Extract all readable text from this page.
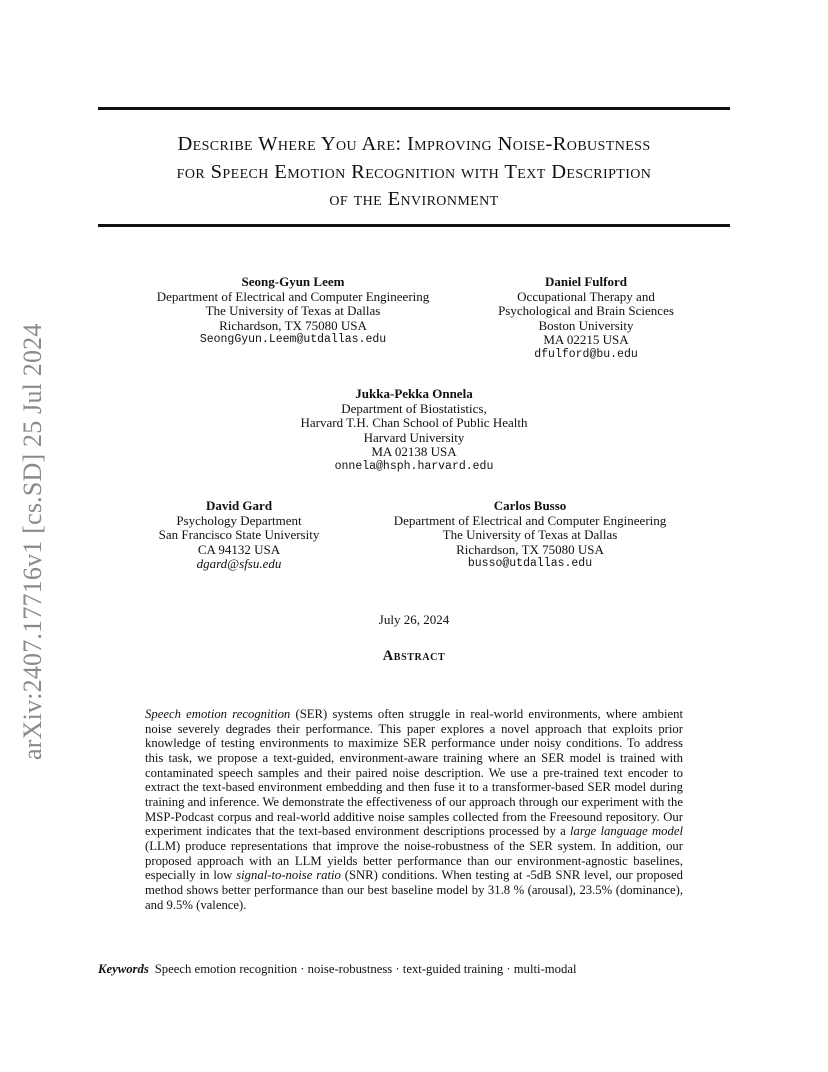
Describe Where You Are: Improving Noise-Robustness
for Speech Emotion Recognition with Text Description
of the Environment
arXiv:2407.17716v1 [cs.SD] 25 Jul 2024
Seong-Gyun Leem
Department of Electrical and Computer Engineering
The University of Texas at Dallas
Richardson, TX 75080 USA
SeongGyun.Leem@utdallas.edu
Daniel Fulford
Occupational Therapy and
Psychological and Brain Sciences
Boston University
MA 02215 USA
dfulford@bu.edu
Jukka-Pekka Onnela
Department of Biostatistics,
Harvard T.H. Chan School of Public Health
Harvard University
MA 02138 USA
onnela@hsph.harvard.edu
David Gard
Psychology Department
San Francisco State University
CA 94132 USA
dgard@sfsu.edu
Carlos Busso
Department of Electrical and Computer Engineering
The University of Texas at Dallas
Richardson, TX 75080 USA
busso@utdallas.edu
July 26, 2024
Abstract
Speech emotion recognition (SER) systems often struggle in real-world environments, where ambient noise severely degrades their performance. This paper explores a novel approach that exploits prior knowledge of testing environments to maximize SER performance under noisy conditions. To address this task, we propose a text-guided, environment-aware training where an SER model is trained with contaminated speech samples and their paired noise description. We use a pre-trained text encoder to extract the text-based environment embedding and then fuse it to a transformer-based SER model during training and inference. We demonstrate the effectiveness of our approach through our experiment with the MSP-Podcast corpus and real-world additive noise samples collected from the Freesound repository. Our experiment indicates that the text-based environment descriptions processed by a large language model (LLM) produce representations that improve the noise-robustness of the SER system. In addition, our proposed approach with an LLM yields better performance than our environment-agnostic baselines, especially in low signal-to-noise ratio (SNR) conditions. When testing at -5dB SNR level, our proposed method shows better performance than our best baseline model by 31.8 % (arousal), 23.5% (dominance), and 9.5% (valence).
Keywords Speech emotion recognition · noise-robustness · text-guided training · multi-modal
